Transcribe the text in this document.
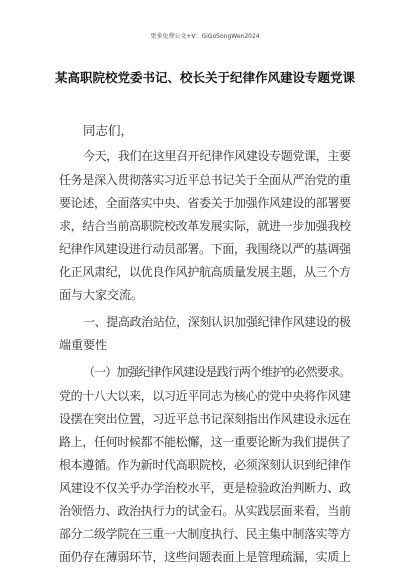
更多免费公文+V：GiGoSongWen2024
某高职院校党委书记、校长关于纪律作风建设专题党课
同志们，
今天，我们在这里召开纪律作风建设专题党课，主要
任务是深入贯彻落实习近平总书记关于全面从严治党的重
要论述，全面落实中央、省委关于加强作风建设的部署要
求，结合当前高职院校改革发展实际，就进一步加强我校
纪律作风建设进行动员部署。下面，我围绕以严的基调强
化正风肃纪，以优良作风护航高质量发展主题，从三个方
面与大家交流。
一、提高政治站位，深刻认识加强纪律作风建设的极
端重要性
（一）加强纪律作风建设是践行两个维护的必然要求。
党的十八大以来，以习近平同志为核心的党中央将作风建
设摆在突出位置，习近平总书记深刻指出作风建设永远在
路上，任何时候都不能松懈，这一重要论断为我们提供了
根本遵循。作为新时代高职院校，必须深刻认识到纪律作
风建设不仅关乎办学治校水平，更是检验政治判断力、政
治领悟力、政治执行力的试金石。从实践层面来看，当前
部分二级学院在三重一大制度执行、民主集中制落实等方
面仍存在薄弱环节，这些问题表面上是管理疏漏，实质上
